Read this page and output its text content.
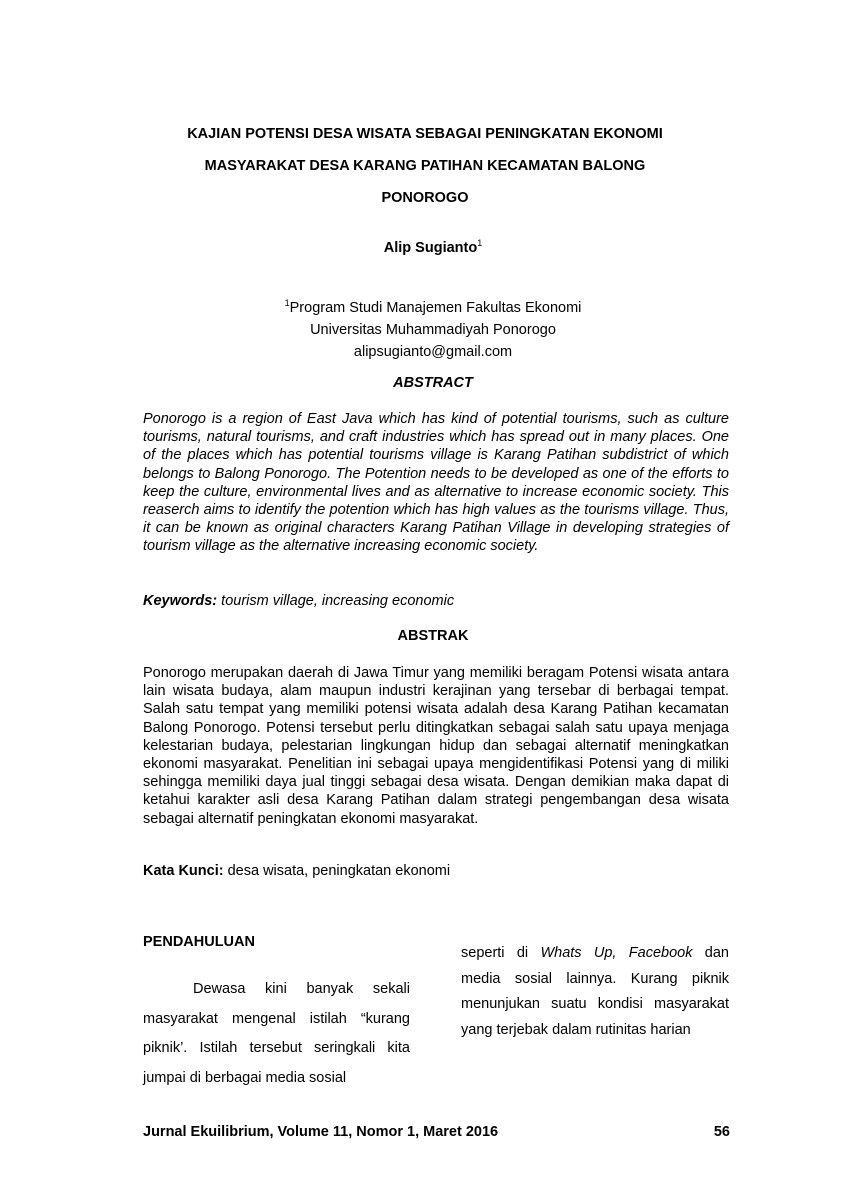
KAJIAN POTENSI DESA WISATA SEBAGAI PENINGKATAN EKONOMI
MASYARAKAT DESA KARANG PATIHAN KECAMATAN BALONG
PONOROGO
Alip Sugianto$^1$
$^1$Program Studi Manajemen Fakultas Ekonomi
Universitas Muhammadiyah Ponorogo
alipsugianto@gmail.com
ABSTRACT
Ponorogo is a region of East Java which has kind of potential tourisms, such as culture tourisms, natural tourisms, and craft industries which has spread out in many places. One of the places which has potential tourisms village is Karang Patihan subdistrict of which belongs to Balong Ponorogo. The Potention needs to be developed as one of the efforts to keep the culture, environmental lives and as alternative to increase economic society. This reaserch aims to identify the potention which has high values as the tourisms village. Thus, it can be known as original characters Karang Patihan Village in developing strategies of tourism village as the alternative increasing economic society.
Keywords: tourism village, increasing economic
ABSTRAK
Ponorogo merupakan daerah di Jawa Timur yang memiliki beragam Potensi wisata antara lain wisata budaya, alam maupun industri kerajinan yang tersebar di berbagai tempat. Salah satu tempat yang memiliki potensi wisata adalah desa Karang Patihan kecamatan Balong Ponorogo. Potensi tersebut perlu ditingkatkan sebagai salah satu upaya menjaga kelestarian budaya, pelestarian lingkungan hidup dan sebagai alternatif meningkatkan ekonomi masyarakat. Penelitian ini sebagai upaya mengidentifikasi Potensi yang di miliki sehingga memiliki daya jual tinggi sebagai desa wisata. Dengan demikian maka dapat di ketahui karakter asli desa Karang Patihan dalam strategi pengembangan desa wisata sebagai alternatif peningkatan ekonomi masyarakat.
Kata Kunci: desa wisata, peningkatan ekonomi
PENDAHULUAN
Dewasa kini banyak sekali masyarakat mengenal istilah “kurang piknik’. Istilah tersebut seringkali kita jumpai di berbagai media sosial
seperti di Whats Up, Facebook dan media sosial lainnya. Kurang piknik menunjukan suatu kondisi masyarakat yang terjebak dalam rutinitas harian
Jurnal Ekuilibrium, Volume 11, Nomor 1, Maret 2016	56
